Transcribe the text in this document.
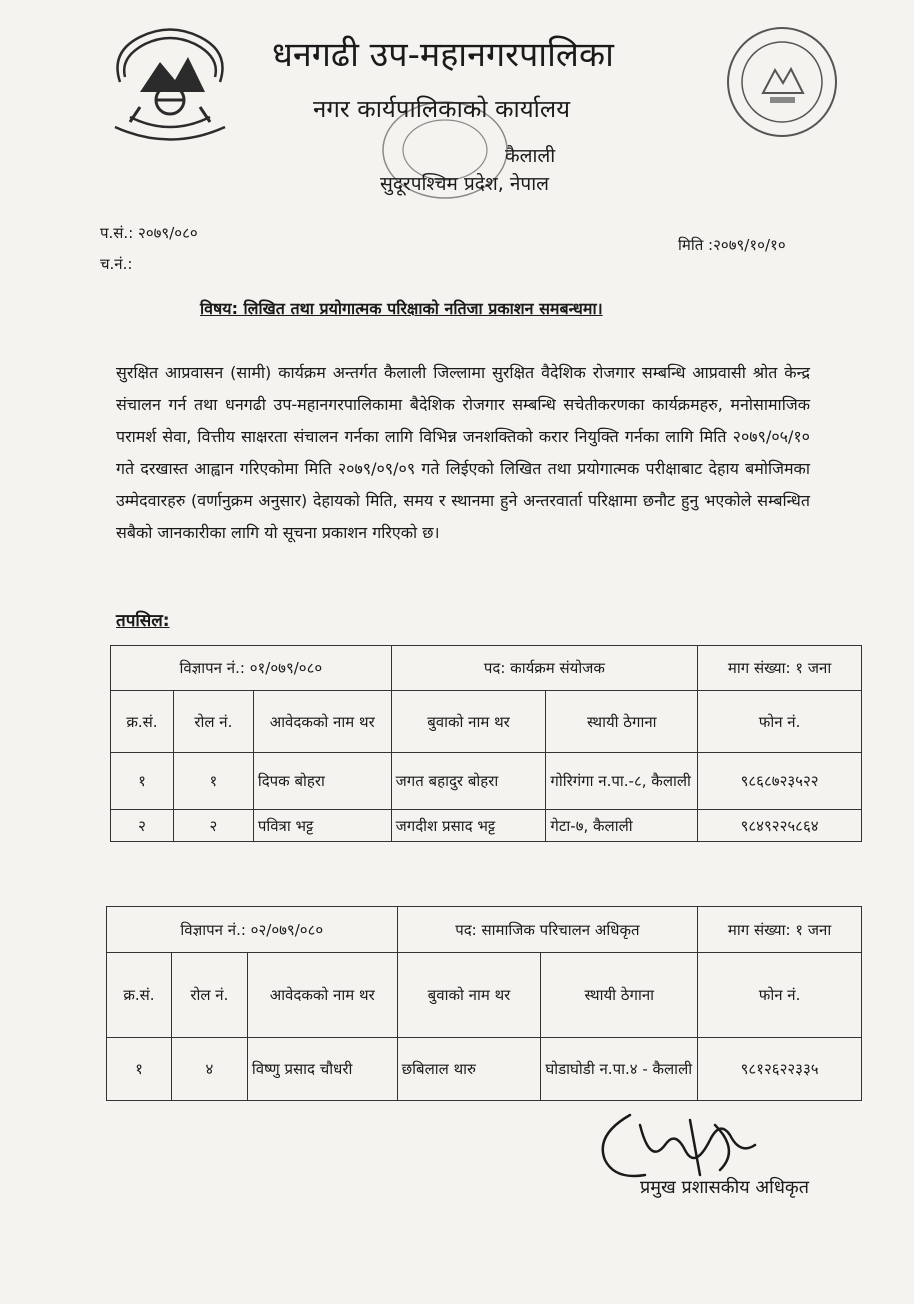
धनगढी उप-महानगरपालिका
नगर कार्यपालिकाको कार्यालय
कैलाली
सुदूरपश्चिम प्रदेश, नेपाल
प.सं.: २०७९/०८०
च.नं.:
मिति :२०७९/१०/१०
विषय: लिखित तथा प्रयोगात्मक परिक्षाको नतिजा प्रकाशन समबन्धमा।
सुरक्षित आप्रवासन (सामी) कार्यक्रम अन्तर्गत कैलाली जिल्लामा सुरक्षित वैदेशिक रोजगार सम्बन्धि आप्रवासी श्रोत केन्द्र संचालन गर्न तथा धनगढी उप-महानगरपालिकामा बैदेशिक रोजगार सम्बन्धि सचेतीकरणका कार्यक्रमहरु, मनोसामाजिक परामर्श सेवा, वित्तीय साक्षरता संचालन गर्नका लागि विभिन्न जनशक्तिको करार नियुक्ति गर्नका लागि मिति २०७९/०५/१० गते दरखास्त आह्वान गरिएकोमा मिति २०७९/०९/०९ गते लिईएको लिखित तथा प्रयोगात्मक परीक्षाबाट देहाय बमोजिमका उम्मेदवारहरु (वर्णानुक्रम अनुसार) देहायको मिति, समय र स्थानमा हुने अन्तरवार्ता परिक्षामा छनौट हुनु भएकोले सम्बन्धित सबैको जानकारीका लागि यो सूचना प्रकाशन गरिएको छ।
तपसिल:
विज्ञापन नं.: ०१/०७९/०८०			पद: कार्यक्रम संयोजक		माग संख्या: १ जना
क्र.सं.	रोल नं.	आवेदकको नाम थर	बुवाको नाम थर	स्थायी ठेगाना	फोन नं.
१	१	दिपक बोहरा	जगत बहादुर बोहरा	गोरिगंगा न.पा.-८, कैलाली	९८६८७२३५२२
२	२	पवित्रा भट्ट	जगदीश प्रसाद भट्ट	गेटा-७, कैलाली	९८४९२२५८६४
विज्ञापन नं.: ०२/०७९/०८०			पद: सामाजिक परिचालन अधिकृत		माग संख्या: १ जना
क्र.सं.	रोल नं.	आवेदकको नाम थर	बुवाको नाम थर	स्थायी ठेगाना	फोन नं.
१	४	विष्णु प्रसाद चौधरी	छबिलाल थारु	घोडाघोडी न.पा.४ - कैलाली	९८१२६२२३३५
प्रमुख प्रशासकीय अधिकृत
